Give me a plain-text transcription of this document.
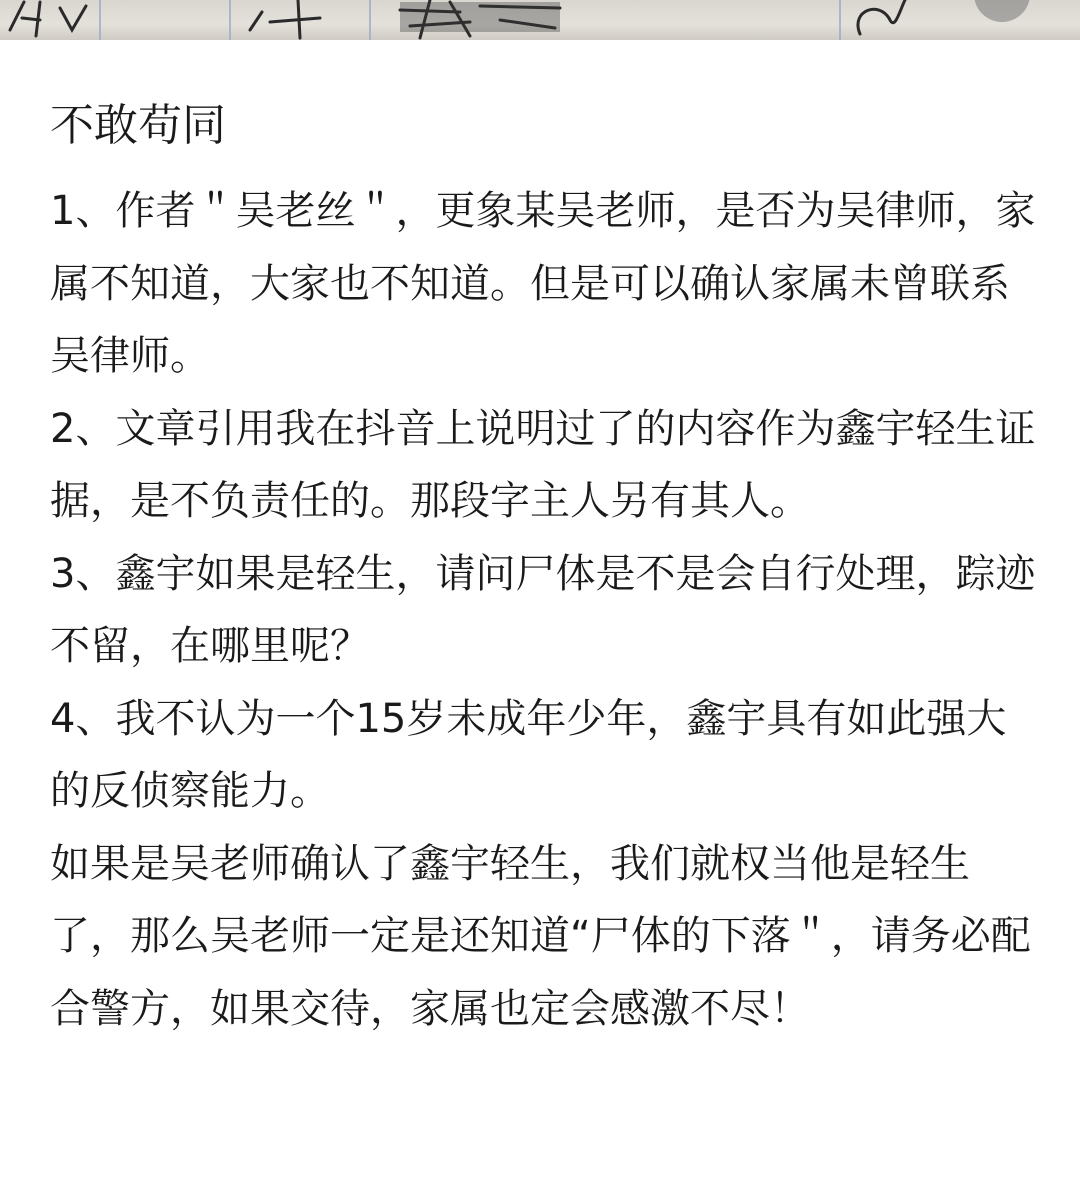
不敢苟同

1、作者＂吴老丝＂，更象某吴老师，是否为吴律师，家属不知道，大家也不知道。但是可以确认家属未曾联系吴律师。

2、文章引用我在抖音上说明过了的内容作为鑫宇轻生证据，是不负责任的。那段字主人另有其人。

3、鑫宇如果是轻生，请问尸体是不是会自行处理，踪迹不留，在哪里呢？

4、我不认为一个15岁未成年少年，鑫宇具有如此强大的反侦察能力。

如果是吴老师确认了鑫宇轻生，我们就权当他是轻生了，那么吴老师一定是还知道“尸体的下落＂，请务必配合警方，如果交待，家属也定会感激不尽！
